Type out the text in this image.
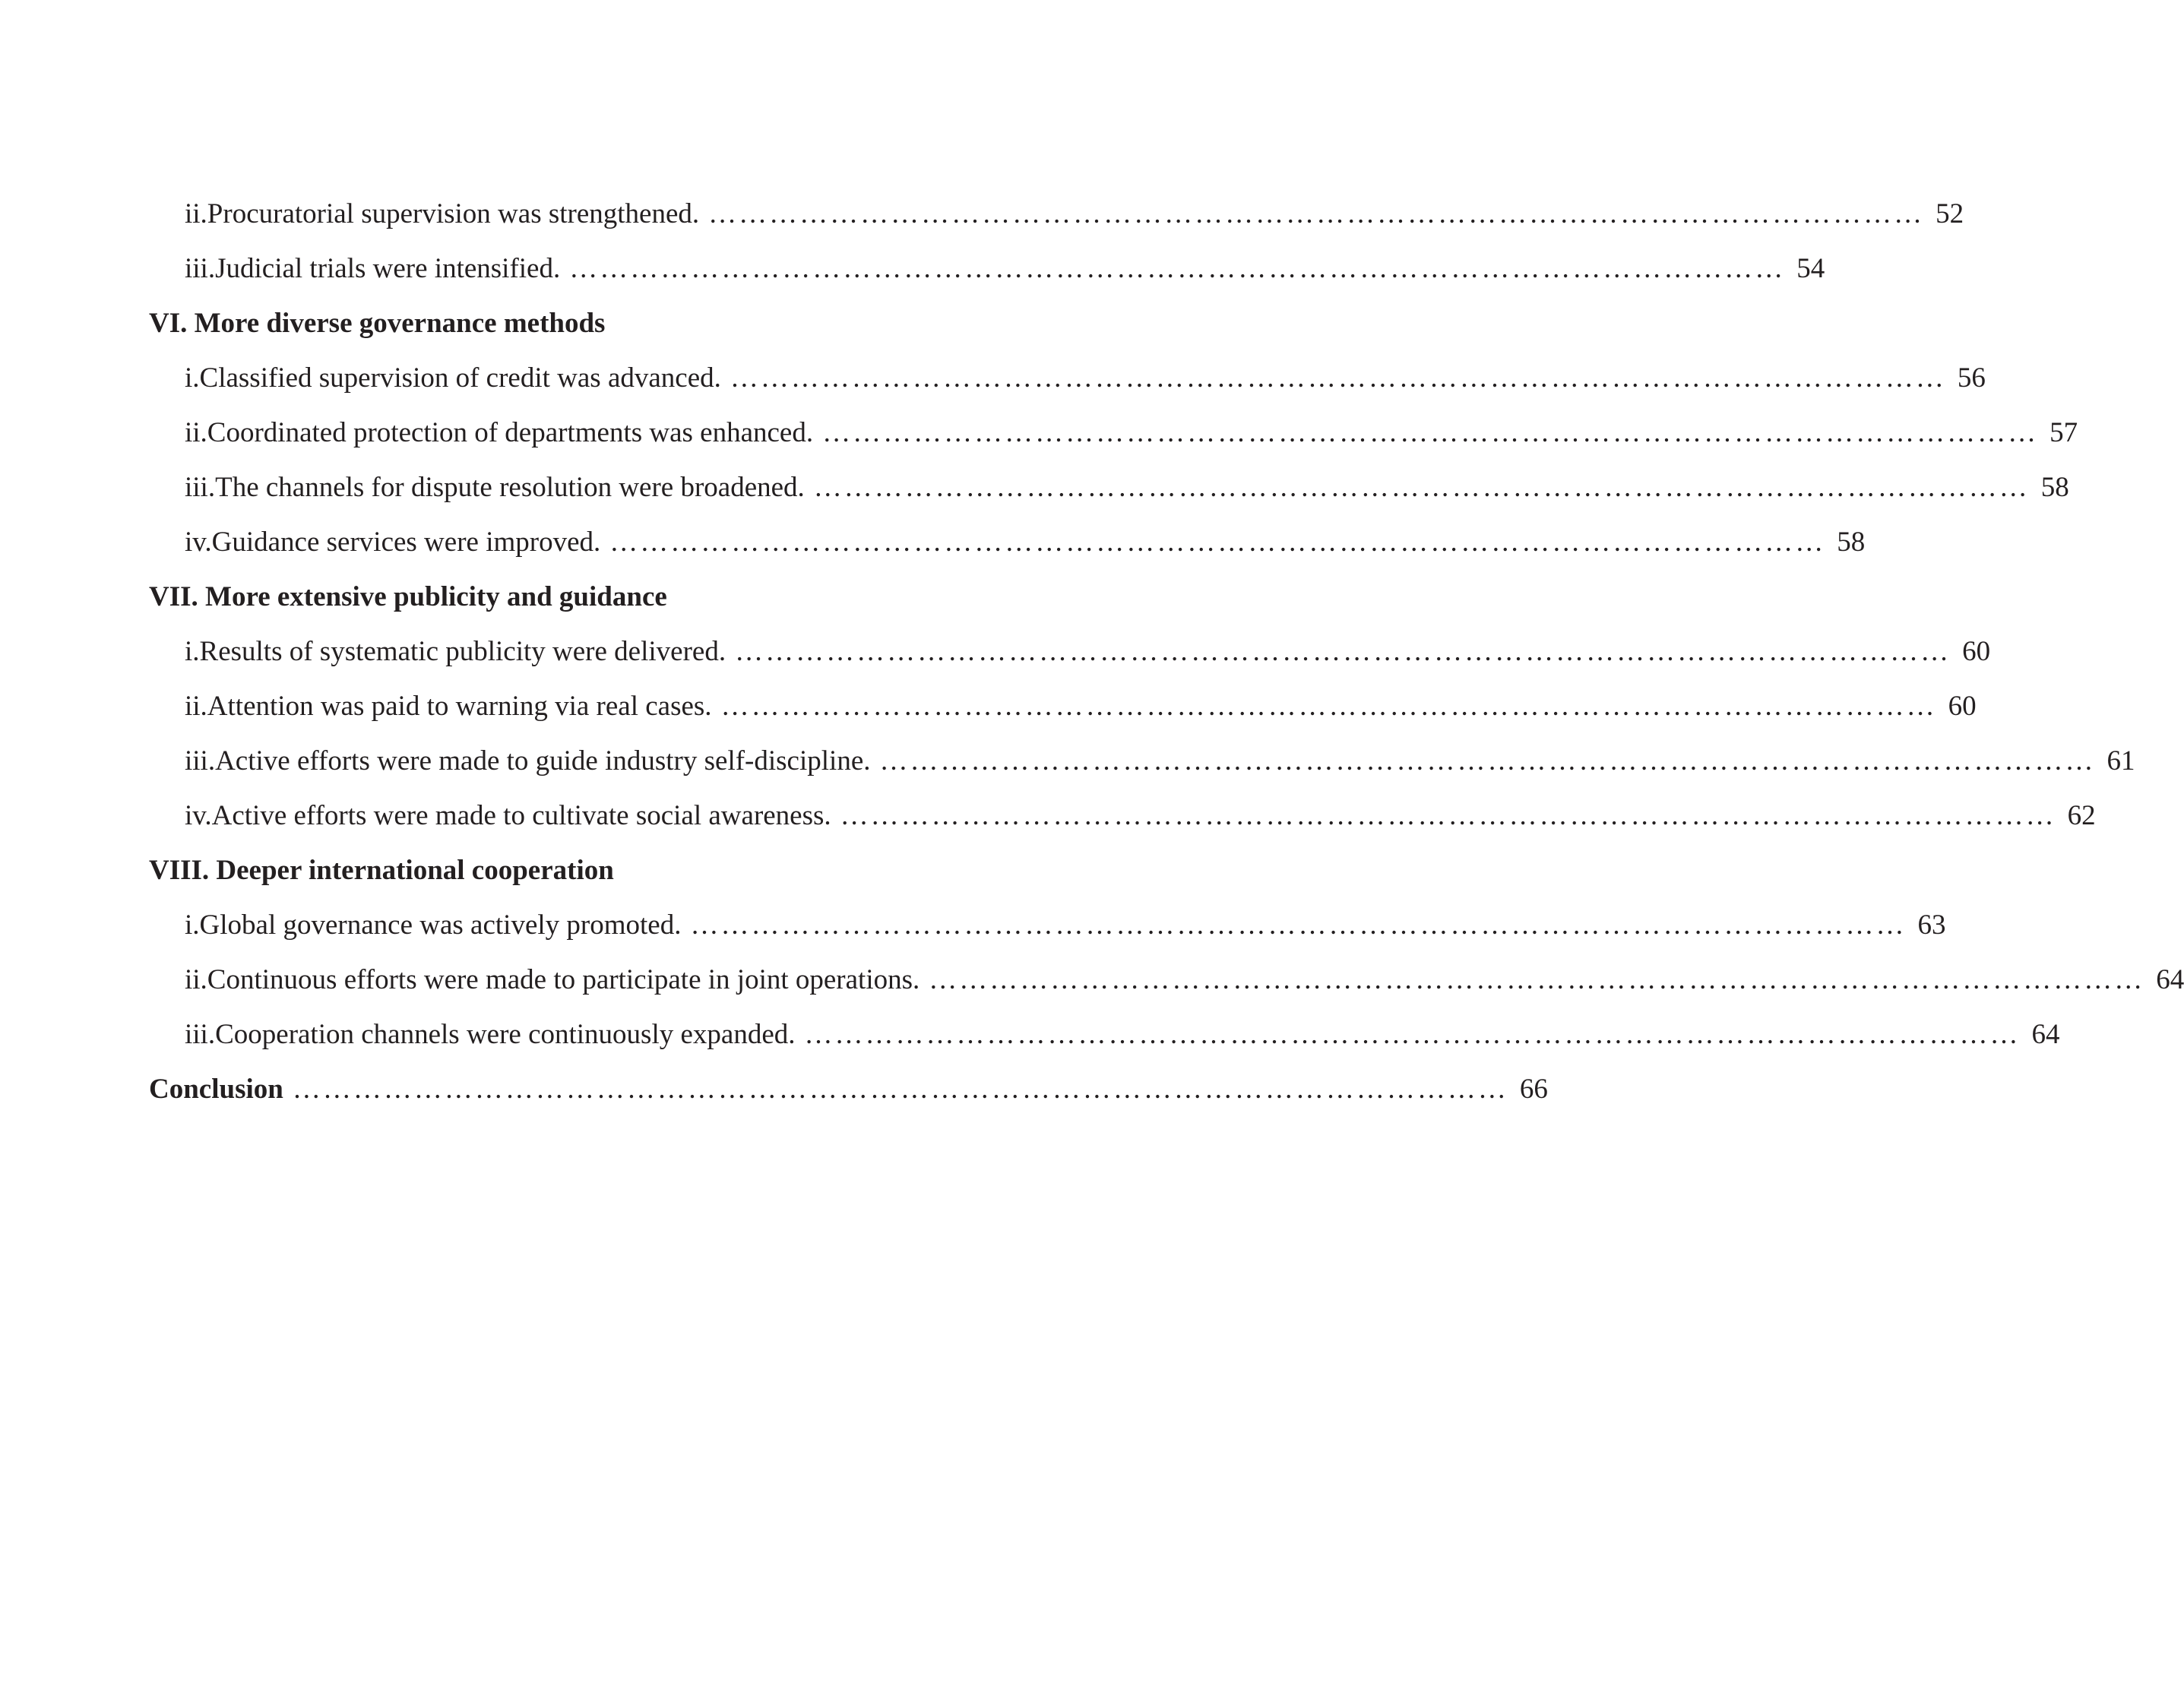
ii.Procuratorial supervision was strengthened. ………………………………………………………………………………………………………… 52
iii.Judicial trials were intensified. ………………………………………………………………………………………………………… 54
VI. More diverse governance methods
i.Classified supervision of credit was advanced. ………………………………………………………………………………………………………… 56
ii.Coordinated protection of departments was enhanced. ………………………………………………………………………………………………………… 57
iii.The channels for dispute resolution were broadened. ………………………………………………………………………………………………………… 58
iv.Guidance services were improved. ………………………………………………………………………………………………………… 58
VII. More extensive publicity and guidance
i.Results of systematic publicity were delivered. ………………………………………………………………………………………………………… 60
ii.Attention was paid to warning via real cases. ………………………………………………………………………………………………………… 60
iii.Active efforts were made to guide industry self-discipline. ………………………………………………………………………………………………………… 61
iv.Active efforts were made to cultivate social awareness. ………………………………………………………………………………………………………… 62
VIII. Deeper international cooperation
i.Global governance was actively promoted. ………………………………………………………………………………………………………… 63
ii.Continuous efforts were made to participate in joint operations. ………………………………………………………………………………………………………… 64
iii.Cooperation channels were continuously expanded. ………………………………………………………………………………………………………… 64
Conclusion ………………………………………………………………………………………………………… 66
